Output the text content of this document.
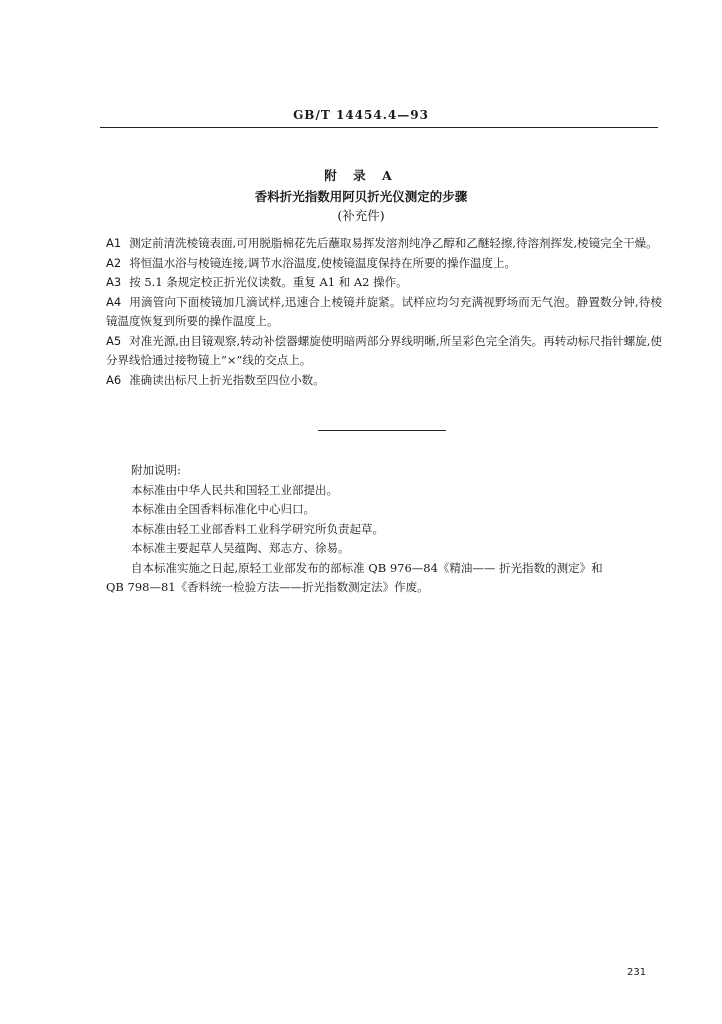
GB/T 14454.4—93
附 录 A
香料折光指数用阿贝折光仪测定的步骤
(补充件)

A1 测定前清洗棱镜表面,可用脱脂棉花先后蘸取易挥发溶剂纯净乙醇和乙醚轻擦,待溶剂挥发,棱镜完全干燥。

A2 将恒温水浴与棱镜连接,调节水浴温度,使棱镜温度保持在所要的操作温度上。

A3 按 5.1 条规定校正折光仪读数。重复 A1 和 A2 操作。

A4 用滴管向下面棱镜加几滴试样,迅速合上棱镜并旋紧。试样应均匀充满视野场而无气泡。静置数分钟,待棱镜温度恢复到所要的操作温度上。

A5 对准光源,由目镜观察,转动补偿器螺旋使明暗两部分界线明晰,所呈彩色完全消失。再转动标尺指针螺旋,使分界线恰通过接物镜上“×”线的交点上。

A6 准确读出标尺上折光指数至四位小数。

附加说明:

本标准由中华人民共和国轻工业部提出。

本标准由全国香料标准化中心归口。

本标准由轻工业部香料工业科学研究所负责起草。

本标准主要起草人吴蕴陶、郑志方、徐易。

自本标准实施之日起,原轻工业部发布的部标准 QB 976—84《精油—— 折光指数的测定》和

QB 798—81《香料统一检验方法——折光指数测定法》作废。

231
